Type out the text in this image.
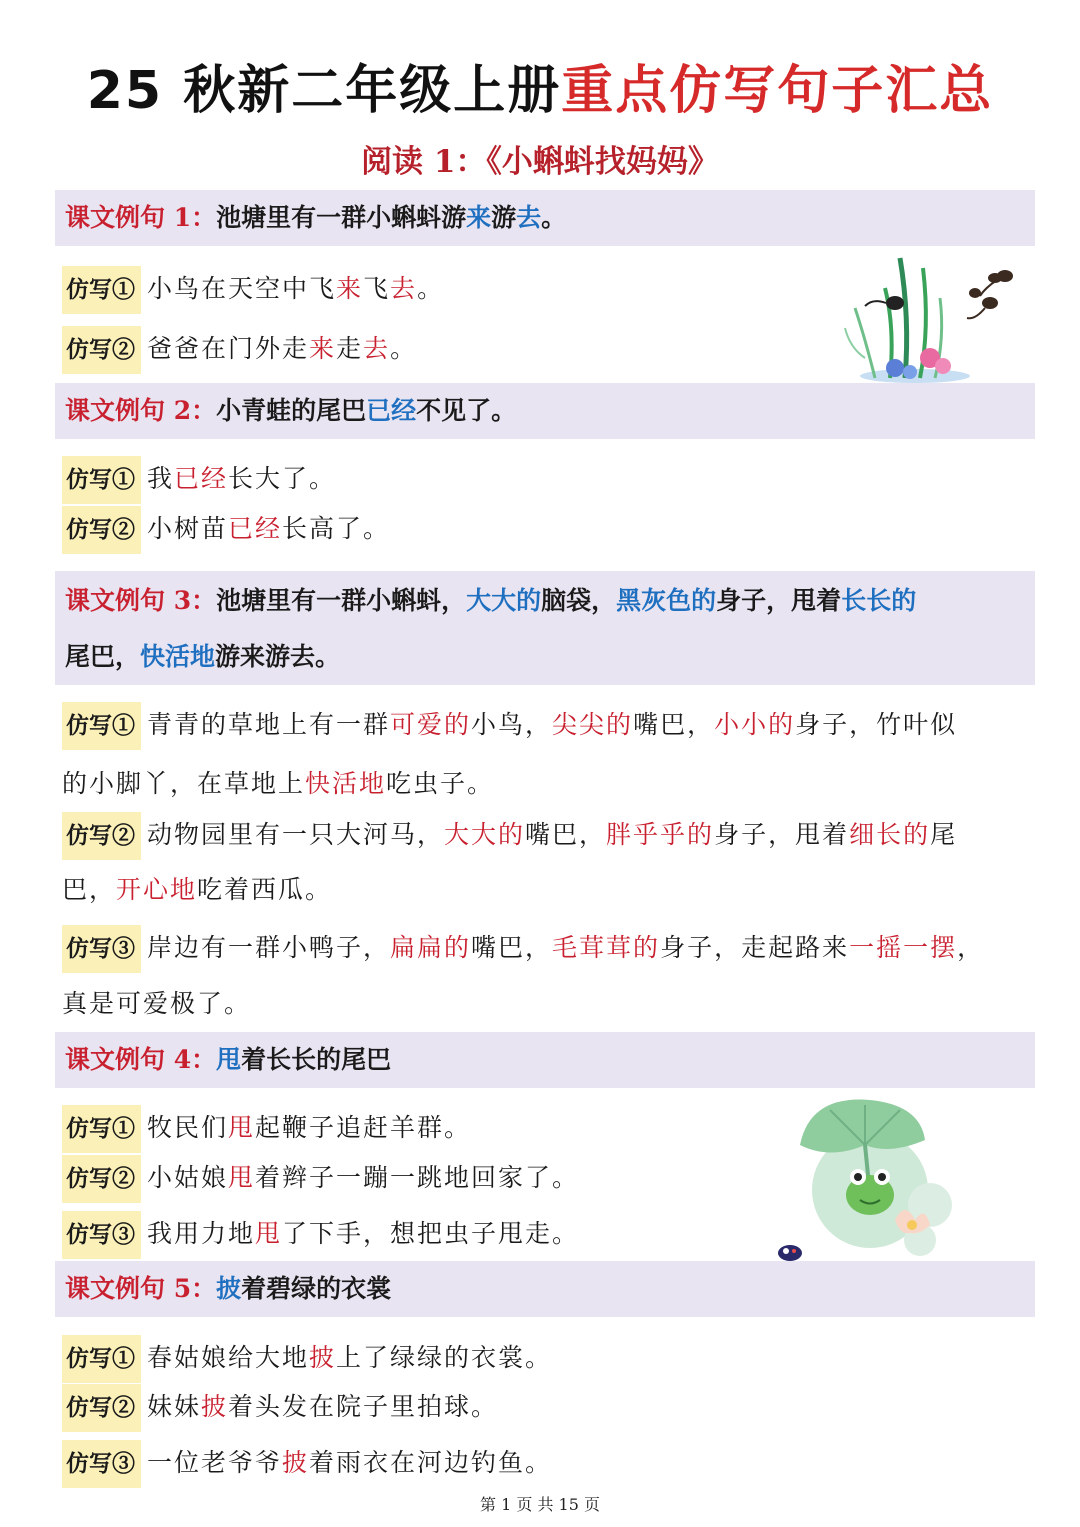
25 秋新二年级上册重点仿写句子汇总
阅读 1：《小蝌蚪找妈妈》
课文例句 1：池塘里有一群小蝌蚪游来游去。
仿写① 小鸟在天空中飞来飞去。
仿写② 爸爸在门外走来走去。
课文例句 2：小青蛙的尾巴已经不见了。
仿写① 我已经长大了。
仿写② 小树苗已经长高了。
课文例句 3：池塘里有一群小蝌蚪，大大的脑袋，黑灰色的身子，甩着长长的
尾巴，快活地游来游去。
仿写① 青青的草地上有一群可爱的小鸟，尖尖的嘴巴，小小的身子，竹叶似
的小脚丫，在草地上快活地吃虫子。
仿写② 动物园里有一只大河马，大大的嘴巴，胖乎乎的身子，甩着细长的尾
巴，开心地吃着西瓜。
仿写③ 岸边有一群小鸭子，扁扁的嘴巴，毛茸茸的身子，走起路来一摇一摆，
真是可爱极了。
课文例句 4：甩着长长的尾巴
仿写① 牧民们甩起鞭子追赶羊群。
仿写② 小姑娘甩着辫子一蹦一跳地回家了。
仿写③ 我用力地甩了下手，想把虫子甩走。
课文例句 5：披着碧绿的衣裳
仿写① 春姑娘给大地披上了绿绿的衣裳。
仿写② 妹妹披着头发在院子里拍球。
仿写③ 一位老爷爷披着雨衣在河边钓鱼。
第 1 页 共 15 页
